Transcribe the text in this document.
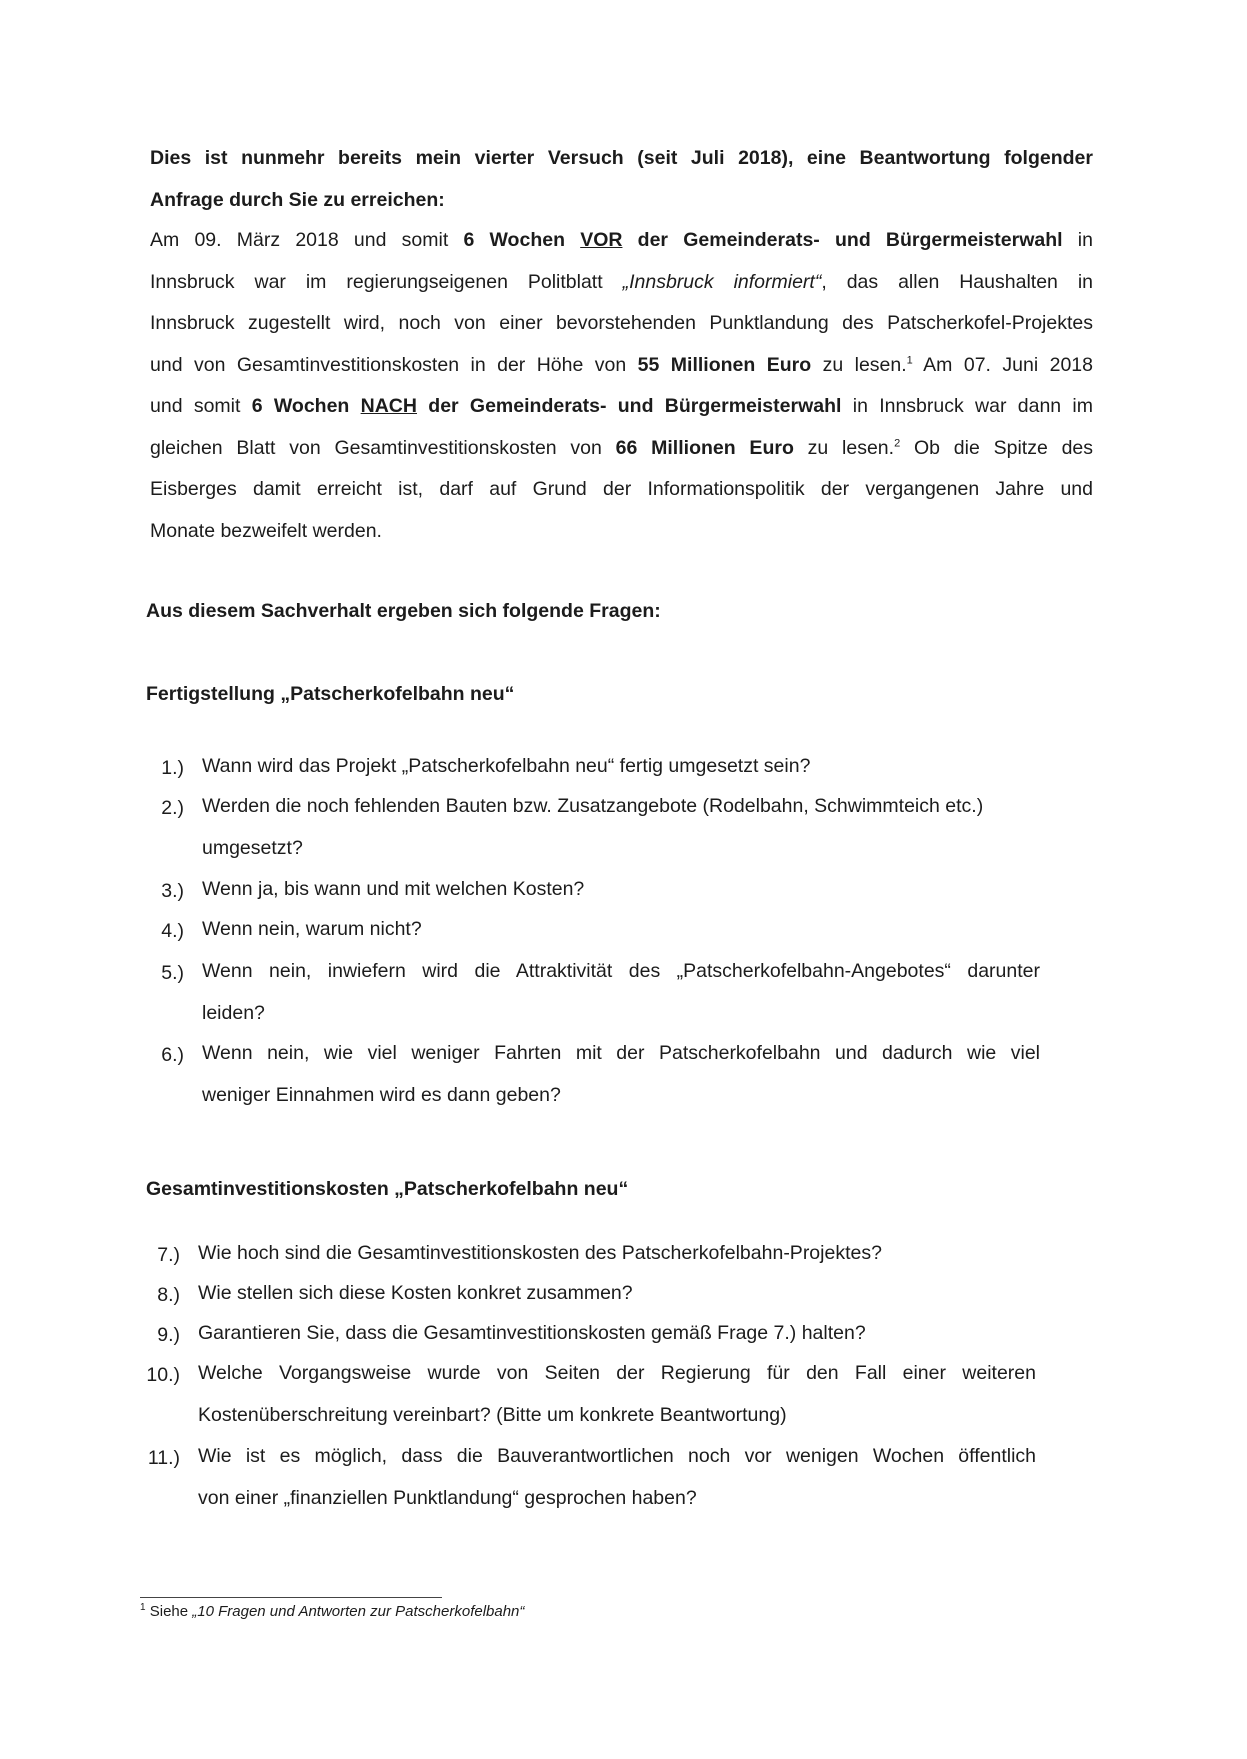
Dies ist nunmehr bereits mein vierter Versuch (seit Juli 2018), eine Beantwortung folgender
Anfrage durch Sie zu erreichen:
Am 09. März 2018 und somit 6 Wochen VOR der Gemeinderats- und Bürgermeisterwahl in
Innsbruck war im regierungseigenen Politblatt „Innsbruck informiert“, das allen Haushalten in
Innsbruck zugestellt wird, noch von einer bevorstehenden Punktlandung des Patscherkofel-Projektes
und von Gesamtinvestitionskosten in der Höhe von 55 Millionen Euro zu lesen.$^1$ Am 07. Juni 2018
und somit 6 Wochen NACH der Gemeinderats- und Bürgermeisterwahl in Innsbruck war dann im
gleichen Blatt von Gesamtinvestitionskosten von 66 Millionen Euro zu lesen.$^2$ Ob die Spitze des
Eisberges damit erreicht ist, darf auf Grund der Informationspolitik der vergangenen Jahre und
Monate bezweifelt werden.
Aus diesem Sachverhalt ergeben sich folgende Fragen:
Fertigstellung „Patscherkofelbahn neu“
Gesamtinvestitionskosten „Patscherkofelbahn neu“
1.) Wann wird das Projekt „Patscherkofelbahn neu“ fertig umgesetzt sein?
2.) Werden die noch fehlenden Bauten bzw. Zusatzangebote (Rodelbahn, Schwimmteich etc.)
umgesetzt?
3.) Wenn ja, bis wann und mit welchen Kosten?
4.) Wenn nein, warum nicht?
5.) Wenn nein, inwiefern wird die Attraktivität des „Patscherkofelbahn-Angebotes“ darunter
leiden?
6.) Wenn nein, wie viel weniger Fahrten mit der Patscherkofelbahn und dadurch wie viel
weniger Einnahmen wird es dann geben?
7.) Wie hoch sind die Gesamtinvestitionskosten des Patscherkofelbahn-Projektes?
8.) Wie stellen sich diese Kosten konkret zusammen?
9.) Garantieren Sie, dass die Gesamtinvestitionskosten gemäß Frage 7.) halten?
10.) Welche Vorgangsweise wurde von Seiten der Regierung für den Fall einer weiteren
Kostenüberschreitung vereinbart? (Bitte um konkrete Beantwortung)
11.) Wie ist es möglich, dass die Bauverantwortlichen noch vor wenigen Wochen öffentlich
von einer „finanziellen Punktlandung“ gesprochen haben?
$^1$ Siehe „10 Fragen und Antworten zur Patscherkofelbahn“
